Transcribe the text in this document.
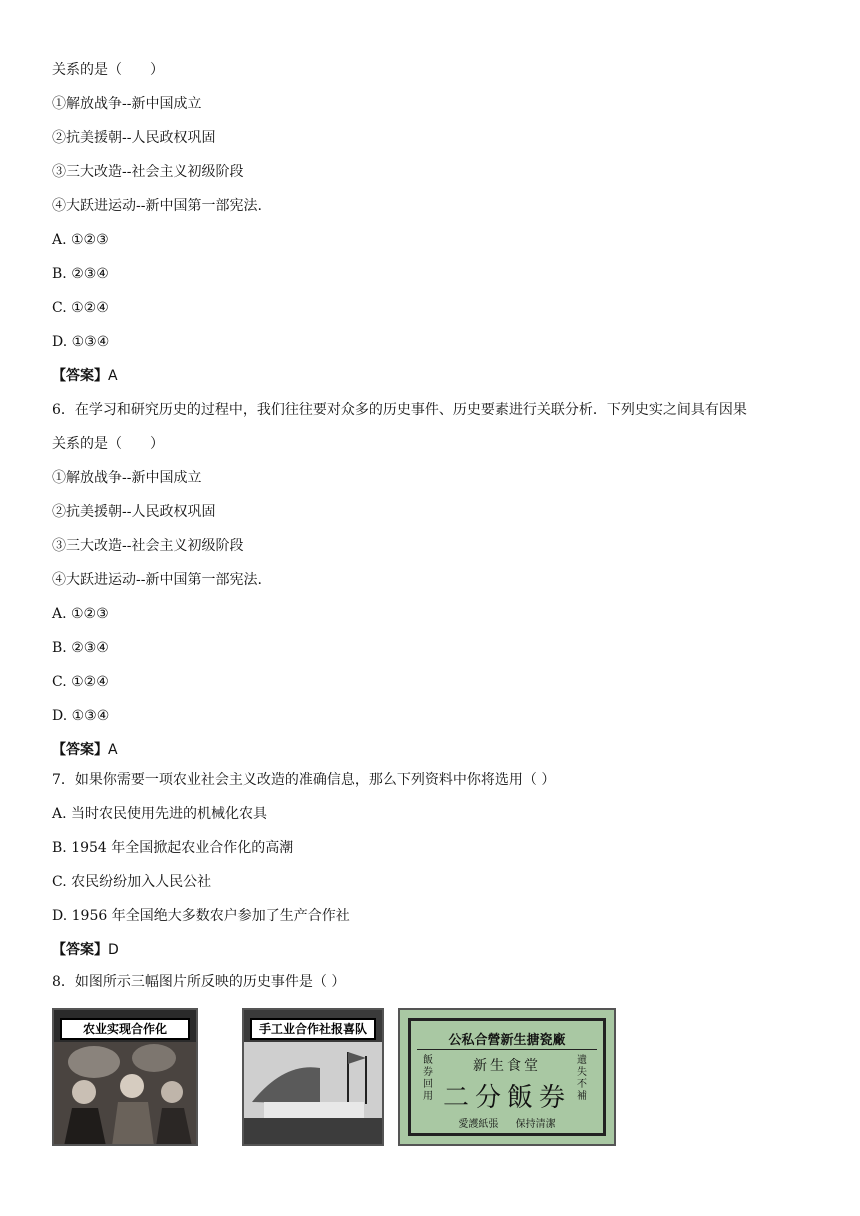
关系的是（　　）
①解放战争--新中国成立
②抗美援朝--人民政权巩固
③三大改造--社会主义初级阶段
④大跃进运动--新中国第一部宪法.
A. ①②③
B. ②③④
C. ①②④
D. ①③④
【答案】A
6．在学习和研究历史的过程中，我们往往要对众多的历史事件、历史要素进行关联分析．下列史实之间具有因果
关系的是（　　）
①解放战争--新中国成立
②抗美援朝--人民政权巩固
③三大改造--社会主义初级阶段
④大跃进运动--新中国第一部宪法.
A. ①②③
B. ②③④
C. ①②④
D. ①③④
【答案】A
7．如果你需要一项农业社会主义改造的准确信息，那么下列资料中你将选用（ ）
A. 当时农民使用先进的机械化农具
B. 1954 年全国掀起农业合作化的高潮
C. 农民纷纷加入人民公社
D. 1956 年全国绝大多数农户参加了生产合作社
【答案】D
8．如图所示三幅图片所反映的历史事件是（ ）
农业实现合作化	手工业合作社报喜队
公私合營新生搪瓷廠
飯券回用
新生食堂
二分飯券
遺失不補
愛護紙張 保持清潔
